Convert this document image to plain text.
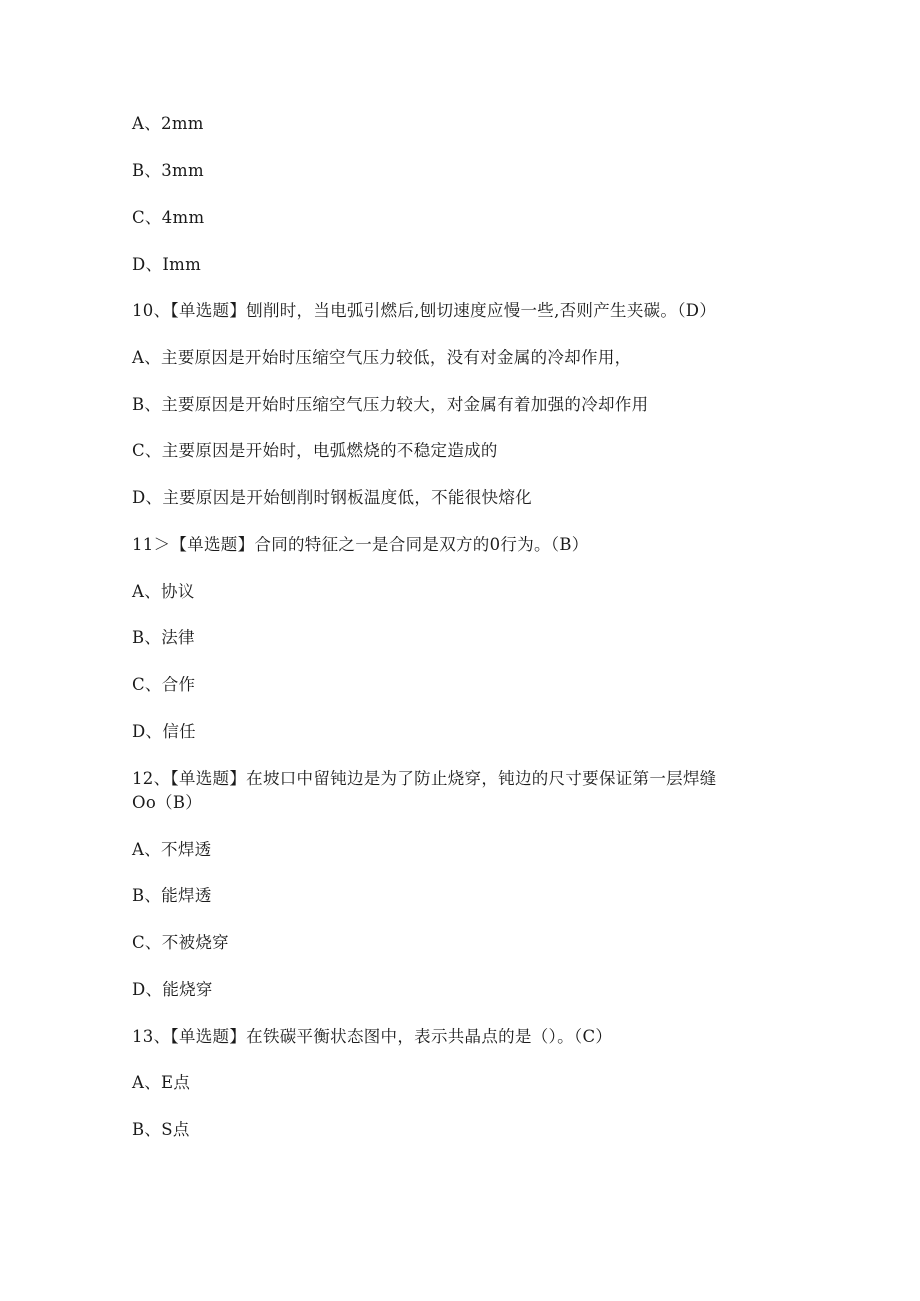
A、2mm
B、3mm
C、4mm
D、Imm
10、【单选题】刨削时，当电弧引燃后,刨切速度应慢一些,否则产生夹碳。（D）
A、主要原因是开始时压缩空气压力较低，没有对金属的冷却作用，
B、主要原因是开始时压缩空气压力较大，对金属有着加强的冷却作用
C、主要原因是开始时，电弧燃烧的不稳定造成的
D、主要原因是开始刨削时钢板温度低，不能很快熔化
11＞【单选题】合同的特征之一是合同是双方的0行为。（B）
A、协议
B、法律
C、合作
D、信任
12、【单选题】在坡口中留钝边是为了防止烧穿，钝边的尺寸要保证第一层焊缝
Oo（B）
A、不焊透
B、能焊透
C、不被烧穿
D、能烧穿
13、【单选题】在铁碳平衡状态图中，表示共晶点的是（）。（C）
A、E点
B、S点
